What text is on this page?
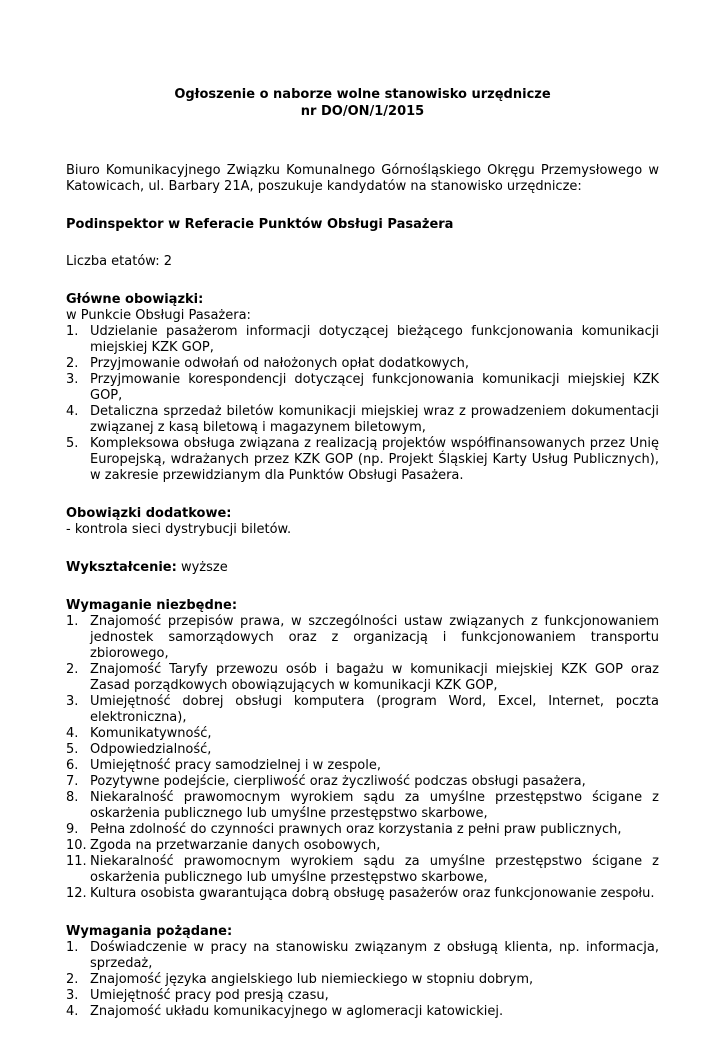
Ogłoszenie o naborze wolne stanowisko urzędnicze
nr DO/ON/1/2015

Biuro Komunikacyjnego Związku Komunalnego Górnośląskiego Okręgu Przemysłowego w Katowicach, ul. Barbary 21A, poszukuje kandydatów na stanowisko urzędnicze:

Podinspektor w Referacie Punktów Obsługi Pasażera

Liczba etatów: 2

Główne obowiązki:

w Punkcie Obsługi Pasażera:

1. Udzielanie pasażerom informacji dotyczącej bieżącego funkcjonowania komunikacji miejskiej KZK GOP,
2. Przyjmowanie odwołań od nałożonych opłat dodatkowych,
3. Przyjmowanie korespondencji dotyczącej funkcjonowania komunikacji miejskiej KZK GOP,
4. Detaliczna sprzedaż biletów komunikacji miejskiej wraz z prowadzeniem dokumentacji związanej z kasą biletową i magazynem biletowym,
5. Kompleksowa obsługa związana z realizacją projektów współfinansowanych przez Unię Europejską, wdrażanych przez KZK GOP (np. Projekt Śląskiej Karty Usług Publicznych), w zakresie przewidzianym dla Punktów Obsługi Pasażera.

Obowiązki dodatkowe:

- kontrola sieci dystrybucji biletów.

Wykształcenie: wyższe

Wymaganie niezbędne:

1. Znajomość przepisów prawa, w szczególności ustaw związanych z funkcjonowaniem jednostek samorządowych oraz z organizacją i funkcjonowaniem transportu zbiorowego,
2. Znajomość Taryfy przewozu osób i bagażu w komunikacji miejskiej KZK GOP oraz Zasad porządkowych obowiązujących w komunikacji KZK GOP,
3. Umiejętność dobrej obsługi komputera (program Word, Excel, Internet, poczta elektroniczna),
4. Komunikatywność,
5. Odpowiedzialność,
6. Umiejętność pracy samodzielnej i w zespole,
7. Pozytywne podejście, cierpliwość oraz życzliwość podczas obsługi pasażera,
8. Niekaralność prawomocnym wyrokiem sądu za umyślne przestępstwo ścigane z oskarżenia publicznego lub umyślne przestępstwo skarbowe,
9. Pełna zdolność do czynności prawnych oraz korzystania z pełni praw publicznych,
10. Zgoda na przetwarzanie danych osobowych,
11. Niekaralność prawomocnym wyrokiem sądu za umyślne przestępstwo ścigane z oskarżenia publicznego lub umyślne przestępstwo skarbowe,
12. Kultura osobista gwarantująca dobrą obsługę pasażerów oraz funkcjonowanie zespołu.

Wymagania pożądane:

1. Doświadczenie w pracy na stanowisku związanym z obsługą klienta, np. informacja, sprzedaż,
2. Znajomość języka angielskiego lub niemieckiego w stopniu dobrym,
3. Umiejętność pracy pod presją czasu,
4. Znajomość układu komunikacyjnego w aglomeracji katowickiej.
